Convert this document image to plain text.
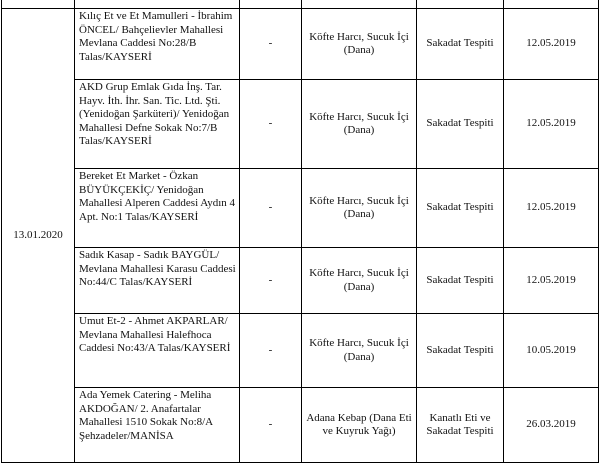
13.01.2020	Kılıç Et ve Et Mamulleri - İbrahim ÖNCEL/ Bahçelievler Mahallesi Mevlana Caddesi No:28/B Talas/KAYSERİ	-	Köfte Harcı, Sucuk İçi (Dana)	Sakadat Tespiti	12.05.2019
	AKD Grup Emlak Gıda İnş. Tar. Hayv. İth. İhr. San. Tic. Ltd. Şti. (Yenidoğan Şarküteri)/ Yenidoğan Mahallesi Defne Sokak No:7/B Talas/KAYSERİ	-	Köfte Harcı, Sucuk İçi (Dana)	Sakadat Tespiti	12.05.2019
	Bereket Et Market - Özkan BÜYÜKÇEKİÇ/ Yenidoğan Mahallesi Alperen Caddesi Aydın 4 Apt. No:1 Talas/KAYSERİ	-	Köfte Harcı, Sucuk İçi (Dana)	Sakadat Tespiti	12.05.2019
	Sadık Kasap - Sadık BAYGÜL/ Mevlana Mahallesi Karasu Caddesi No:44/C Talas/KAYSERİ	-	Köfte Harcı, Sucuk İçi (Dana)	Sakadat Tespiti	12.05.2019
	Umut Et-2 - Ahmet AKPARLAR/ Mevlana Mahallesi Halefhoca Caddesi No:43/A Talas/KAYSERİ	-	Köfte Harcı, Sucuk İçi (Dana)	Sakadat Tespiti	10.05.2019
	Ada Yemek Catering - Meliha AKDOĞAN/ 2. Anafartalar Mahallesi 1510 Sokak No:8/A Şehzadeler/MANİSA	-	Adana Kebap (Dana Eti ve Kuyruk Yağı)	Kanatlı Eti ve Sakadat Tespiti	26.03.2019
